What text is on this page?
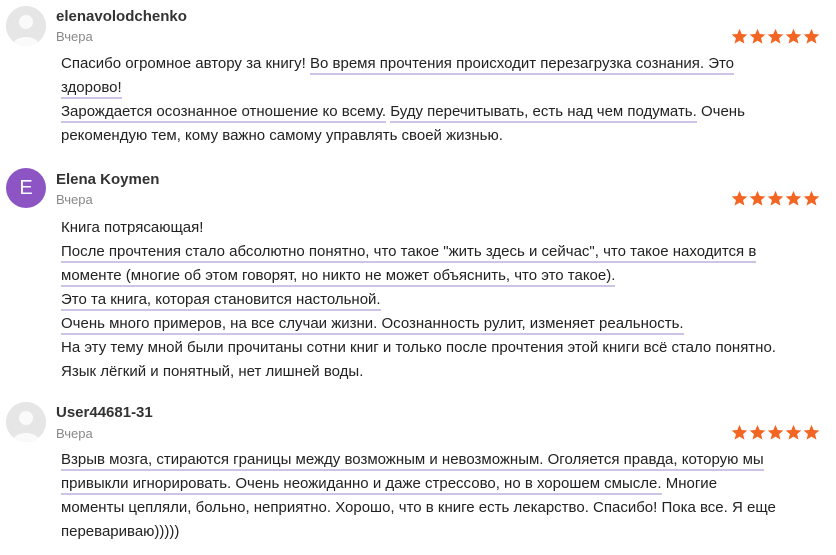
elenavolodchenko
Вчера
Спасибо огромное автору за книгу! Во время прочтения происходит перезагрузка сознания. Это
здорово!
Зарождается осознанное отношение ко всему. Буду перечитывать, есть над чем подумать. Очень
рекомендую тем, кому важно самому управлять своей жизнью.
E	Elena Koymen
Вчера
Книга потрясающая!
После прочтения стало абсолютно понятно, что такое "жить здесь и сейчас", что такое находится в
моменте (многие об этом говорят, но никто не может объяснить, что это такое).
Это та книга, которая становится настольной.
Очень много примеров, на все случаи жизни. Осознанность рулит, изменяет реальность.
На эту тему мной были прочитаны сотни книг и только после прочтения этой книги всё стало понятно.
Язык лёгкий и понятный, нет лишней воды.
User44681-31
Вчера
Взрыв мозга, стираются границы между возможным и невозможным. Оголяется правда, которую мы
привыкли игнорировать. Очень неожиданно и даже стрессово, но в хорошем смысле. Многие
моменты цепляли, больно, неприятно. Хорошо, что в книге есть лекарство. Спасибо! Пока все. Я еще
перевариваю)))))
